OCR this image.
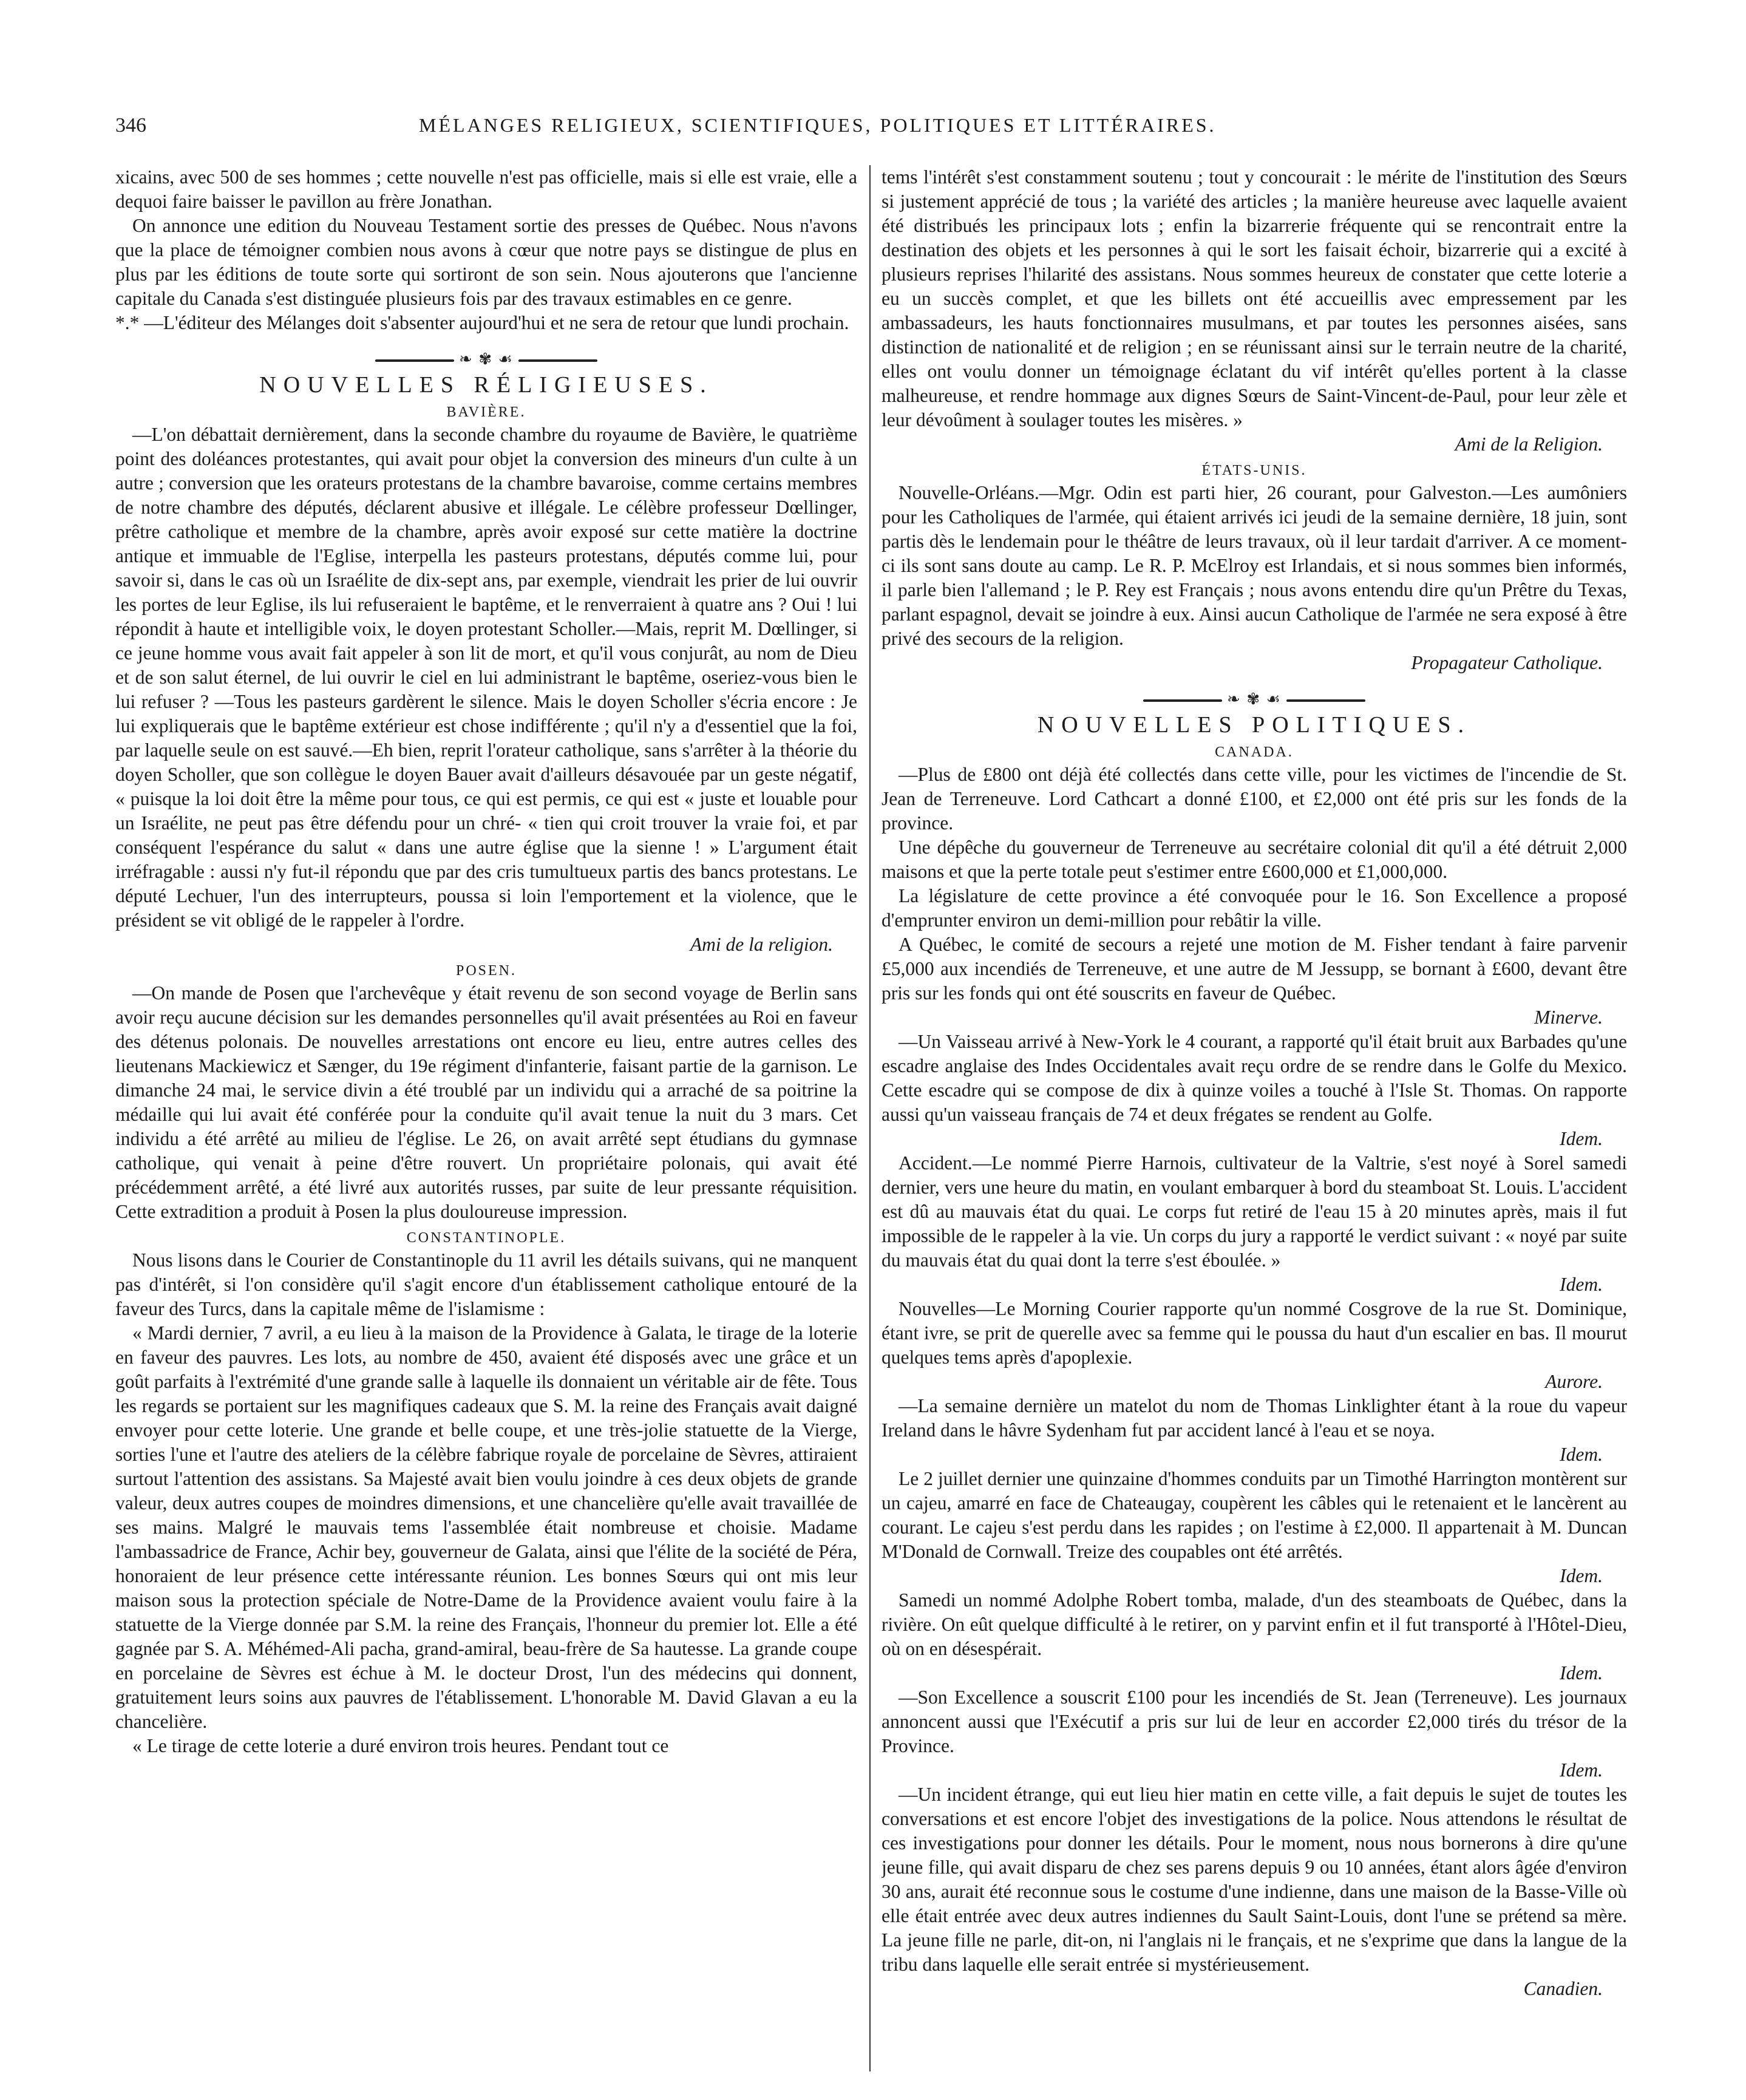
346	MÉLANGES RELIGIEUX, SCIENTIFIQUES, POLITIQUES ET LITTÉRAIRES.

xicains, avec 500 de ses hommes ; cette nouvelle n'est pas officielle, mais si elle est vraie, elle a dequoi faire baisser le pavillon au frère Jonathan.

On annonce une edition du Nouveau Testament sortie des presses de Québec. Nous n'avons que la place de témoigner combien nous avons à cœur que notre pays se distingue de plus en plus par les éditions de toute sorte qui sortiront de son sein. Nous ajouterons que l'ancienne capitale du Canada s'est distinguée plusieurs fois par des travaux estimables en ce genre.

*.* —L'éditeur des Mélanges doit s'absenter aujourd'hui et ne sera de retour que lundi prochain.

❧ ✾ ☙
NOUVELLES RÉLIGIEUSES.
BAVIÈRE.

—L'on débattait dernièrement, dans la seconde chambre du royaume de Bavière, le quatrième point des doléances protestantes, qui avait pour objet la conversion des mineurs d'un culte à un autre ; conversion que les orateurs protestans de la chambre bavaroise, comme certains membres de notre chambre des députés, déclarent abusive et illégale. Le célèbre professeur Dœllinger, prêtre catholique et membre de la chambre, après avoir exposé sur cette matière la doctrine antique et immuable de l'Eglise, interpella les pasteurs protestans, députés comme lui, pour savoir si, dans le cas où un Israélite de dix-sept ans, par exemple, viendrait les prier de lui ouvrir les portes de leur Eglise, ils lui refuseraient le baptême, et le renverraient à quatre ans ? Oui ! lui répondit à haute et intelligible voix, le doyen protestant Scholler.—Mais, reprit M. Dœllinger, si ce jeune homme vous avait fait appeler à son lit de mort, et qu'il vous conjurât, au nom de Dieu et de son salut éternel, de lui ouvrir le ciel en lui administrant le baptême, oseriez-vous bien le lui refuser ? —Tous les pasteurs gardèrent le silence. Mais le doyen Scholler s'écria encore : Je lui expliquerais que le baptême extérieur est chose indifférente ; qu'il n'y a d'essentiel que la foi, par laquelle seule on est sauvé.—Eh bien, reprit l'orateur catholique, sans s'arrêter à la théorie du doyen Scholler, que son collègue le doyen Bauer avait d'ailleurs désavouée par un geste négatif, « puisque la loi doit être la même pour tous, ce qui est permis, ce qui est « juste et louable pour un Israélite, ne peut pas être défendu pour un chré- « tien qui croit trouver la vraie foi, et par conséquent l'espérance du salut « dans une autre église que la sienne ! » L'argument était irréfragable : aussi n'y fut-il répondu que par des cris tumultueux partis des bancs protestans. Le député Lechuer, l'un des interrupteurs, poussa si loin l'emportement et la violence, que le président se vit obligé de le rappeler à l'ordre.

Ami de la religion.

POSEN.

—On mande de Posen que l'archevêque y était revenu de son second voyage de Berlin sans avoir reçu aucune décision sur les demandes personnelles qu'il avait présentées au Roi en faveur des détenus polonais. De nouvelles arrestations ont encore eu lieu, entre autres celles des lieutenans Mackiewicz et Sænger, du 19e régiment d'infanterie, faisant partie de la garnison. Le dimanche 24 mai, le service divin a été troublé par un individu qui a arraché de sa poitrine la médaille qui lui avait été conférée pour la conduite qu'il avait tenue la nuit du 3 mars. Cet individu a été arrêté au milieu de l'église. Le 26, on avait arrêté sept étudians du gymnase catholique, qui venait à peine d'être rouvert. Un propriétaire polonais, qui avait été précédemment arrêté, a été livré aux autorités russes, par suite de leur pressante réquisition. Cette extradition a produit à Posen la plus douloureuse impression.

CONSTANTINOPLE.

Nous lisons dans le Courier de Constantinople du 11 avril les détails suivans, qui ne manquent pas d'intérêt, si l'on considère qu'il s'agit encore d'un établissement catholique entouré de la faveur des Turcs, dans la capitale même de l'islamisme :

« Mardi dernier, 7 avril, a eu lieu à la maison de la Providence à Galata, le tirage de la loterie en faveur des pauvres. Les lots, au nombre de 450, avaient été disposés avec une grâce et un goût parfaits à l'extrémité d'une grande salle à laquelle ils donnaient un véritable air de fête. Tous les regards se portaient sur les magnifiques cadeaux que S. M. la reine des Français avait daigné envoyer pour cette loterie. Une grande et belle coupe, et une très-jolie statuette de la Vierge, sorties l'une et l'autre des ateliers de la célèbre fabrique royale de porcelaine de Sèvres, attiraient surtout l'attention des assistans. Sa Majesté avait bien voulu joindre à ces deux objets de grande valeur, deux autres coupes de moindres dimensions, et une chancelière qu'elle avait travaillée de ses mains. Malgré le mauvais tems l'assemblée était nombreuse et choisie. Madame l'ambassadrice de France, Achir bey, gouverneur de Galata, ainsi que l'élite de la société de Péra, honoraient de leur présence cette intéressante réunion. Les bonnes Sœurs qui ont mis leur maison sous la protection spéciale de Notre-Dame de la Providence avaient voulu faire à la statuette de la Vierge donnée par S.M. la reine des Français, l'honneur du premier lot. Elle a été gagnée par S. A. Méhémed-Ali pacha, grand-amiral, beau-frère de Sa hautesse. La grande coupe en porcelaine de Sèvres est échue à M. le docteur Drost, l'un des médecins qui donnent, gratuitement leurs soins aux pauvres de l'établissement. L'honorable M. David Glavan a eu la chancelière.

« Le tirage de cette loterie a duré environ trois heures. Pendant tout ce

tems l'intérêt s'est constamment soutenu ; tout y concourait : le mérite de l'institution des Sœurs si justement apprécié de tous ; la variété des articles ; la manière heureuse avec laquelle avaient été distribués les principaux lots ; enfin la bizarrerie fréquente qui se rencontrait entre la destination des objets et les personnes à qui le sort les faisait échoir, bizarrerie qui a excité à plusieurs reprises l'hilarité des assistans. Nous sommes heureux de constater que cette loterie a eu un succès complet, et que les billets ont été accueillis avec empressement par les ambassadeurs, les hauts fonctionnaires musulmans, et par toutes les personnes aisées, sans distinction de nationalité et de religion ; en se réunissant ainsi sur le terrain neutre de la charité, elles ont voulu donner un témoignage éclatant du vif intérêt qu'elles portent à la classe malheureuse, et rendre hommage aux dignes Sœurs de Saint-Vincent-de-Paul, pour leur zèle et leur dévoûment à soulager toutes les misères. »

Ami de la Religion.

ÉTATS-UNIS.

Nouvelle-Orléans.—Mgr. Odin est parti hier, 26 courant, pour Galveston.—Les aumôniers pour les Catholiques de l'armée, qui étaient arrivés ici jeudi de la semaine dernière, 18 juin, sont partis dès le lendemain pour le théâtre de leurs travaux, où il leur tardait d'arriver. A ce moment-ci ils sont sans doute au camp. Le R. P. McElroy est Irlandais, et si nous sommes bien informés, il parle bien l'allemand ; le P. Rey est Français ; nous avons entendu dire qu'un Prêtre du Texas, parlant espagnol, devait se joindre à eux. Ainsi aucun Catholique de l'armée ne sera exposé à être privé des secours de la religion.

Propagateur Catholique.

❧ ✾ ☙
NOUVELLES POLITIQUES.
CANADA.

—Plus de £800 ont déjà été collectés dans cette ville, pour les victimes de l'incendie de St. Jean de Terreneuve. Lord Cathcart a donné £100, et £2,000 ont été pris sur les fonds de la province.

Une dépêche du gouverneur de Terreneuve au secrétaire colonial dit qu'il a été détruit 2,000 maisons et que la perte totale peut s'estimer entre £600,000 et £1,000,000.

La législature de cette province a été convoquée pour le 16. Son Excellence a proposé d'emprunter environ un demi-million pour rebâtir la ville.

A Québec, le comité de secours a rejeté une motion de M. Fisher tendant à faire parvenir £5,000 aux incendiés de Terreneuve, et une autre de M Jessupp, se bornant à £600, devant être pris sur les fonds qui ont été souscrits en faveur de Québec.

Minerve.

—Un Vaisseau arrivé à New-York le 4 courant, a rapporté qu'il était bruit aux Barbades qu'une escadre anglaise des Indes Occidentales avait reçu ordre de se rendre dans le Golfe du Mexico. Cette escadre qui se compose de dix à quinze voiles a touché à l'Isle St. Thomas. On rapporte aussi qu'un vaisseau français de 74 et deux frégates se rendent au Golfe.

Idem.

Accident.—Le nommé Pierre Harnois, cultivateur de la Valtrie, s'est noyé à Sorel samedi dernier, vers une heure du matin, en voulant embarquer à bord du steamboat St. Louis. L'accident est dû au mauvais état du quai. Le corps fut retiré de l'eau 15 à 20 minutes après, mais il fut impossible de le rappeler à la vie. Un corps du jury a rapporté le verdict suivant : « noyé par suite du mauvais état du quai dont la terre s'est éboulée. »

Idem.

Nouvelles—Le Morning Courier rapporte qu'un nommé Cosgrove de la rue St. Dominique, étant ivre, se prit de querelle avec sa femme qui le poussa du haut d'un escalier en bas. Il mourut quelques tems après d'apoplexie.

Aurore.

—La semaine dernière un matelot du nom de Thomas Linklighter étant à la roue du vapeur Ireland dans le hâvre Sydenham fut par accident lancé à l'eau et se noya.

Idem.

Le 2 juillet dernier une quinzaine d'hommes conduits par un Timothé Harrington montèrent sur un cajeu, amarré en face de Chateaugay, coupèrent les câbles qui le retenaient et le lancèrent au courant. Le cajeu s'est perdu dans les rapides ; on l'estime à £2,000. Il appartenait à M. Duncan M'Donald de Cornwall. Treize des coupables ont été arrêtés.

Idem.

Samedi un nommé Adolphe Robert tomba, malade, d'un des steamboats de Québec, dans la rivière. On eût quelque difficulté à le retirer, on y parvint enfin et il fut transporté à l'Hôtel-Dieu, où on en désespérait.

Idem.

—Son Excellence a souscrit £100 pour les incendiés de St. Jean (Terreneuve). Les journaux annoncent aussi que l'Exécutif a pris sur lui de leur en accorder £2,000 tirés du trésor de la Province.

Idem.

—Un incident étrange, qui eut lieu hier matin en cette ville, a fait depuis le sujet de toutes les conversations et est encore l'objet des investigations de la police. Nous attendons le résultat de ces investigations pour donner les détails. Pour le moment, nous nous bornerons à dire qu'une jeune fille, qui avait disparu de chez ses parens depuis 9 ou 10 années, étant alors âgée d'environ 30 ans, aurait été reconnue sous le costume d'une indienne, dans une maison de la Basse-Ville où elle était entrée avec deux autres indiennes du Sault Saint-Louis, dont l'une se prétend sa mère. La jeune fille ne parle, dit-on, ni l'anglais ni le français, et ne s'exprime que dans la langue de la tribu dans laquelle elle serait entrée si mystérieusement.

Canadien.
